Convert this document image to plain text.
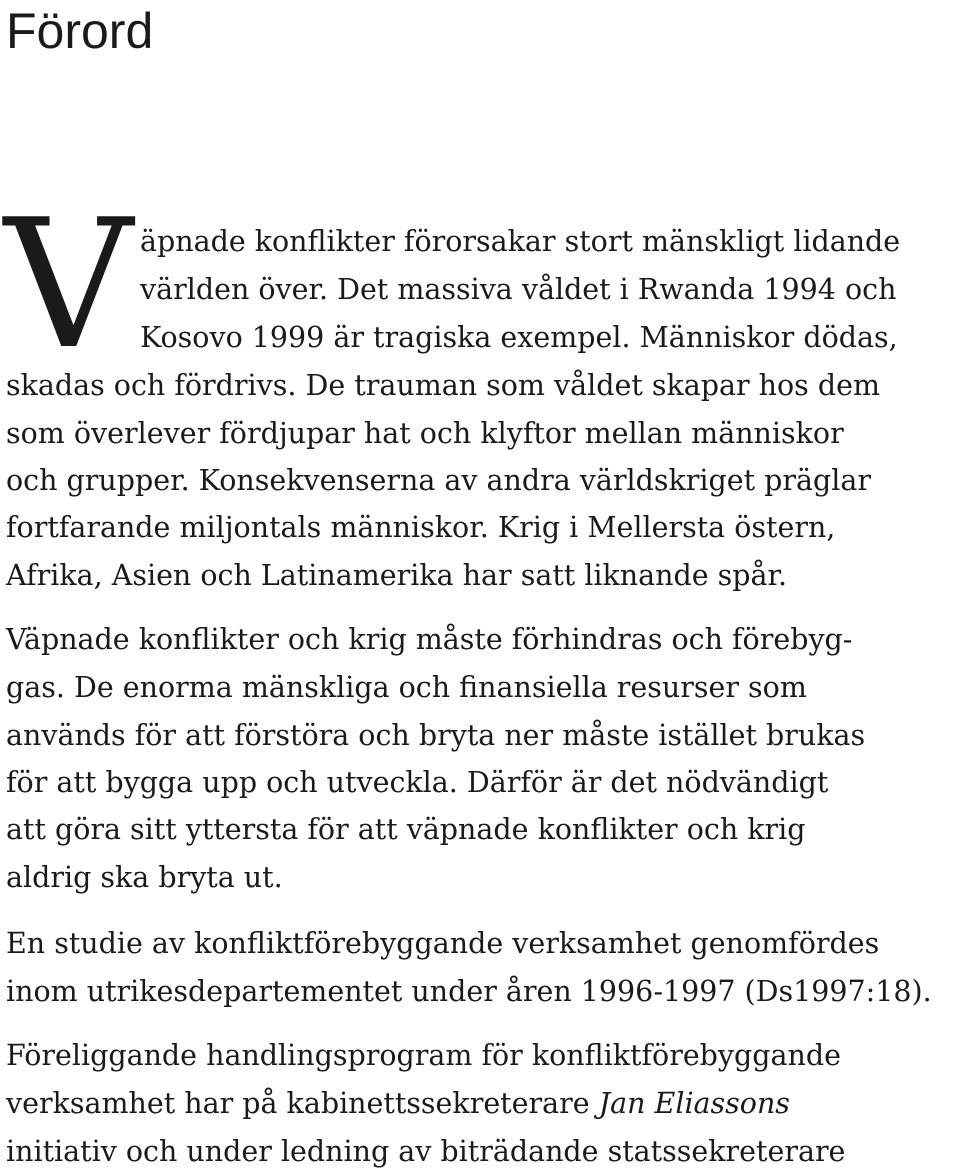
Förord
V äpnade konflikter förorsakar stort mänskligt lidande
världen över. Det massiva våldet i Rwanda 1994 och
Kosovo 1999 är tragiska exempel. Människor dödas,
skadas och fördrivs. De trauman som våldet skapar hos dem
som överlever fördjupar hat och klyftor mellan människor
och grupper. Konsekvenserna av andra världskriget präglar
fortfarande miljontals människor. Krig i Mellersta östern,
Afrika, Asien och Latinamerika har satt liknande spår.
Väpnade konflikter och krig måste förhindras och förebyg-
gas. De enorma mänskliga och finansiella resurser som
används för att förstöra och bryta ner måste istället brukas
för att bygga upp och utveckla. Därför är det nödvändigt
att göra sitt yttersta för att väpnade konflikter och krig
aldrig ska bryta ut.
En studie av konfliktförebyggande verksamhet genomfördes
inom utrikesdepartementet under åren 1996-1997 (Ds1997:18).
Föreliggande handlingsprogram för konfliktförebyggande
verksamhet har på kabinettssekreterare Jan Eliassons
initiativ och under ledning av biträdande statssekreterare
